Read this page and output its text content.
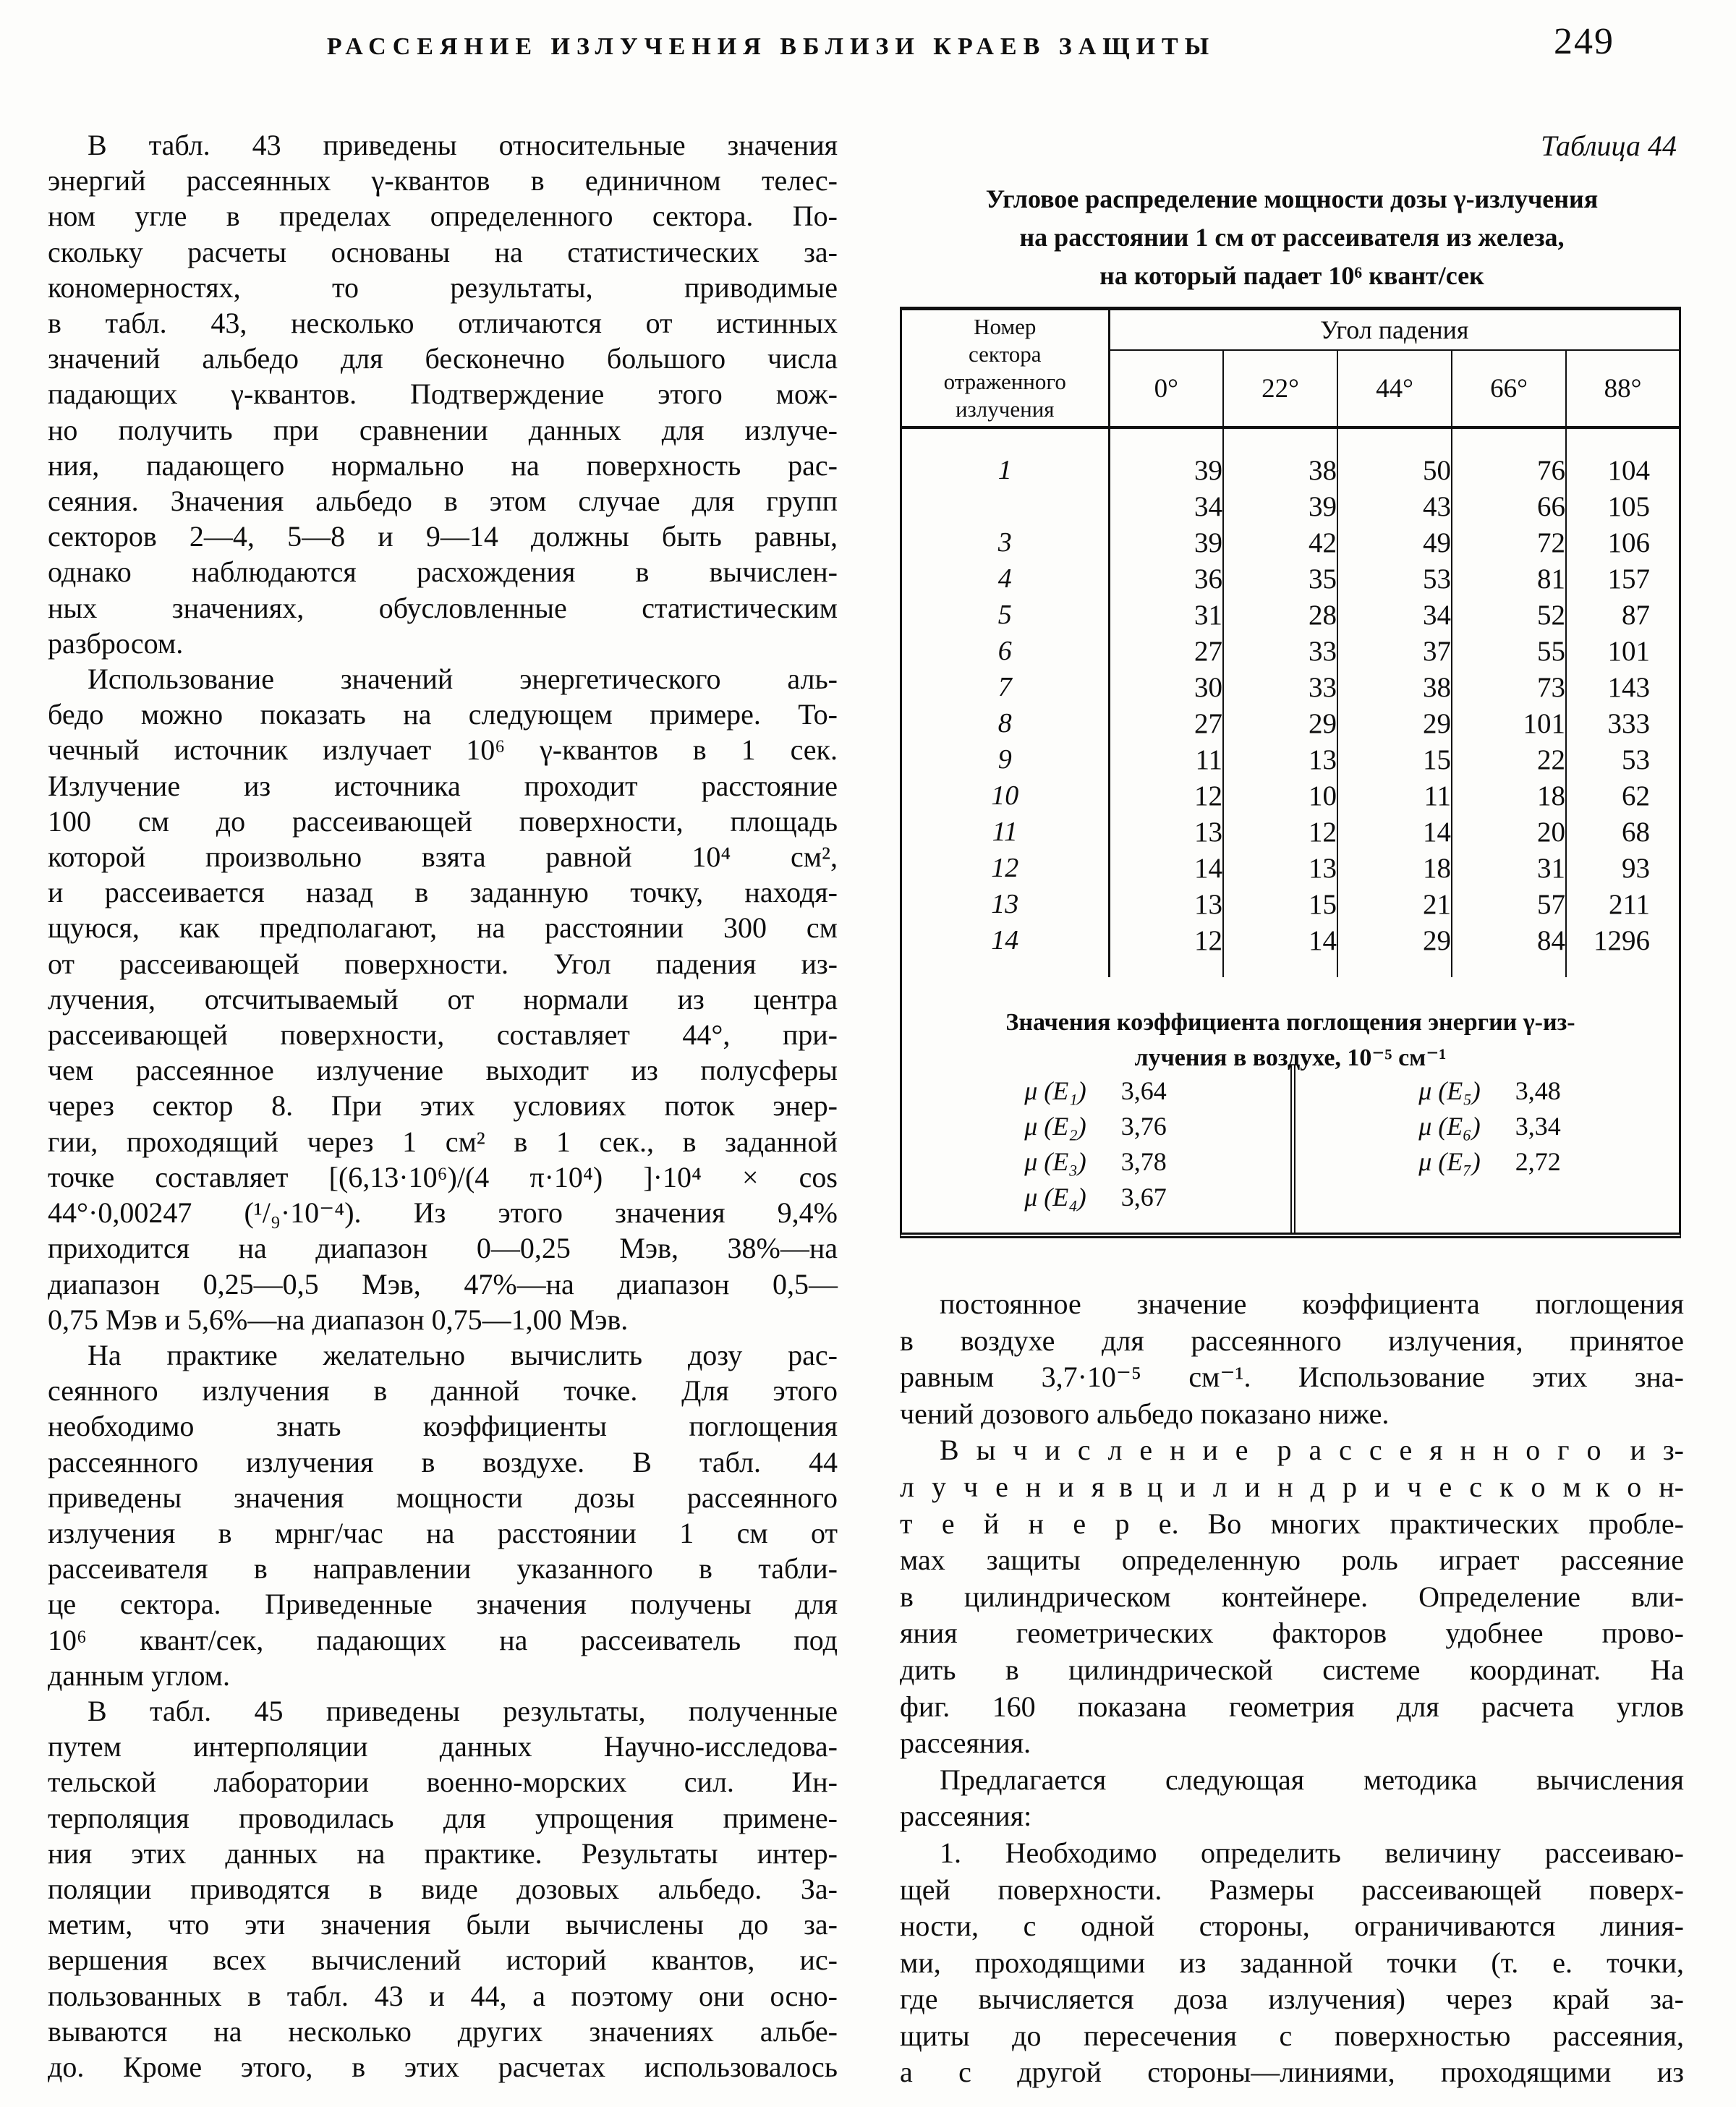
РАССЕЯНИЕ ИЗЛУЧЕНИЯ ВБЛИЗИ КРАЕВ ЗАЩИТЫ	249
В табл. 43 приведены относительные значения
энергий рассеянных γ-квантов в единичном телес-
ном угле в пределах определенного сектора. По-
скольку расчеты основаны на статистических за-
кономерностях, то результаты, приводимые
в табл. 43, несколько отличаются от истинных
значений альбедо для бесконечно большого числа
падающих γ-квантов. Подтверждение этого мож-
но получить при сравнении данных для излуче-
ния, падающего нормально на поверхность рас-
сеяния. Значения альбедо в этом случае для групп
секторов 2—4, 5—8 и 9—14 должны быть равны,
однако наблюдаются расхождения в вычислен-
ных значениях, обусловленные статистическим
разбросом.
Использование значений энергетического аль-
бедо можно показать на следующем примере. То-
чечный источник излучает 10⁶ γ-квантов в 1 сек.
Излучение из источника проходит расстояние
100 см до рассеивающей поверхности, площадь
которой произвольно взята равной 10⁴ см²,
и рассеивается назад в заданную точку, находя-
щуюся, как предполагают, на расстоянии 300 см
от рассеивающей поверхности. Угол падения из-
лучения, отсчитываемый от нормали из центра
рассеивающей поверхности, составляет 44°, при-
чем рассеянное излучение выходит из полусферы
через сектор 8. При этих условиях поток энер-
гии, проходящий через 1 см² в 1 сек., в заданной
точке составляет [(6,13·10⁶)/(4 π·10⁴) ]·10⁴ × cos
44°·0,00247 (¹/₉·10⁻⁴). Из этого значения 9,4%
приходится на диапазон 0—0,25 Мэв, 38%—на
диапазон 0,25—0,5 Мэв, 47%—на диапазон 0,5—
0,75 Мэв и 5,6%—на диапазон 0,75—1,00 Мэв.
На практике желательно вычислить дозу рас-
сеянного излучения в данной точке. Для этого
необходимо знать коэффициенты поглощения
рассеянного излучения в воздухе. В табл. 44
приведены значения мощности дозы рассеянного
излучения в мрнг/час на расстоянии 1 см от
рассеивателя в направлении указанного в табли-
це сектора. Приведенные значения получены для
10⁶ квант/сек, падающих на рассеиватель под
данным углом.
В табл. 45 приведены результаты, полученные
путем интерполяции данных Научно-исследова-
тельской лаборатории военно-морских сил. Ин-
терполяция проводилась для упрощения примене-
ния этих данных на практике. Результаты интер-
поляции приводятся в виде дозовых альбедо. За-
метим, что эти значения были вычислены до за-
вершения всех вычислений историй квантов, ис-
пользованных в табл. 43 и 44, а поэтому они осно-
вываются на несколько других значениях альбе-
до. Кроме этого, в этих расчетах использовалось
Таблица 44
Угловое распределение мощности дозы γ-излучения
на расстоянии 1 см от рассеивателя из железа,
на который падает 10⁶ квант/сек
Номер
сектора
отраженного
излучения	Угол падения				
	0°	22°	44°	66°	88°

1	39	38	50	76	104
	34	39	43	66	105
3	39	42	49	72	106
4	36	35	53	81	157
5	31	28	34	52	87
6	27	33	37	55	101
7	30	33	38	73	143
8	27	29	29	101	333
9	11	13	15	22	53
10	12	10	11	18	62
11	13	12	14	20	68
12	14	13	18	31	93
13	13	15	21	57	211
14	12	14	29	84	1296

Значения коэффициента поглощения энергии γ-из-
лучения в воздухе, 10⁻⁵ см⁻¹
μ (E₁) 3,64
μ (E₂) 3,76
μ (E₃) 3,78
μ (E₄) 3,67
μ (E₅) 3,48
μ (E₆) 3,34
μ (E₇) 2,72
постоянное значение коэффициента поглощения
в воздухе для рассеянного излучения, принятое
равным 3,7·10⁻⁵ см⁻¹. Использование этих зна-
чений дозового альбедо показано ниже.
В ы ч и с л е н и е р а с с е я н н о г о и з-
л у ч е н и я в ц и л и н д р и ч е с к о м к о н-
т е й н е р е. Во многих практических пробле-
мах защиты определенную роль играет рассеяние
в цилиндрическом контейнере. Определение вли-
яния геометрических факторов удобнее прово-
дить в цилиндрической системе координат. На
фиг. 160 показана геометрия для расчета углов
рассеяния.
Предлагается следующая методика вычисления
рассеяния:
1. Необходимо определить величину рассеиваю-
щей поверхности. Размеры рассеивающей поверх-
ности, с одной стороны, ограничиваются линия-
ми, проходящими из заданной точки (т. е. точки,
где вычисляется доза излучения) через край за-
щиты до пересечения с поверхностью рассеяния,
а с другой стороны—линиями, проходящими из
